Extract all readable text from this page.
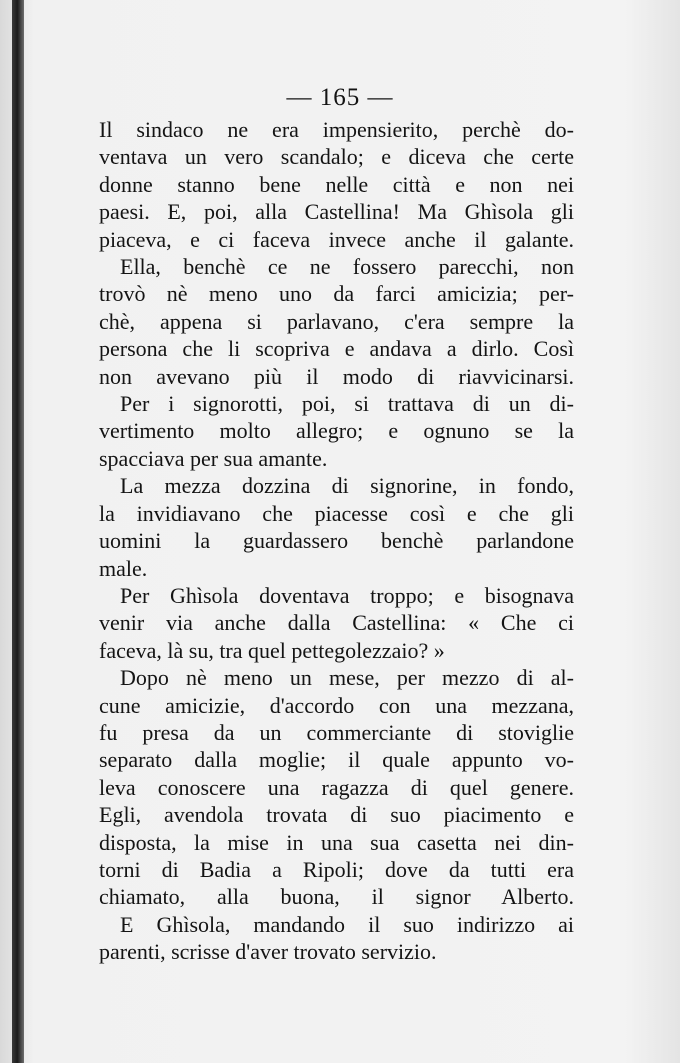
— 165 —

Il sindaco ne era impensierito, perchè do-

ventava un vero scandalo; e diceva che certe

donne stanno bene nelle città e non nei

paesi. E, poi, alla Castellina! Ma Ghìsola gli

piaceva, e ci faceva invece anche il galante.

Ella, benchè ce ne fossero parecchi, non

trovò nè meno uno da farci amicizia; per-

chè, appena si parlavano, c'era sempre la

persona che li scopriva e andava a dirlo. Così

non avevano più il modo di riavvicinarsi.

Per i signorotti, poi, si trattava di un di-

vertimento molto allegro; e ognuno se la

spacciava per sua amante.

La mezza dozzina di signorine, in fondo,

la invidiavano che piacesse così e che gli

uomini la guardassero benchè parlandone

male.

Per Ghìsola doventava troppo; e bisognava

venir via anche dalla Castellina: « Che ci

faceva, là su, tra quel pettegolezzaio? »

Dopo nè meno un mese, per mezzo di al-

cune amicizie, d'accordo con una mezzana,

fu presa da un commerciante di stoviglie

separato dalla moglie; il quale appunto vo-

leva conoscere una ragazza di quel genere.

Egli, avendola trovata di suo piacimento e

disposta, la mise in una sua casetta nei din-

torni di Badia a Ripoli; dove da tutti era

chiamato, alla buona, il signor Alberto.

E Ghìsola, mandando il suo indirizzo ai

parenti, scrisse d'aver trovato servizio.
